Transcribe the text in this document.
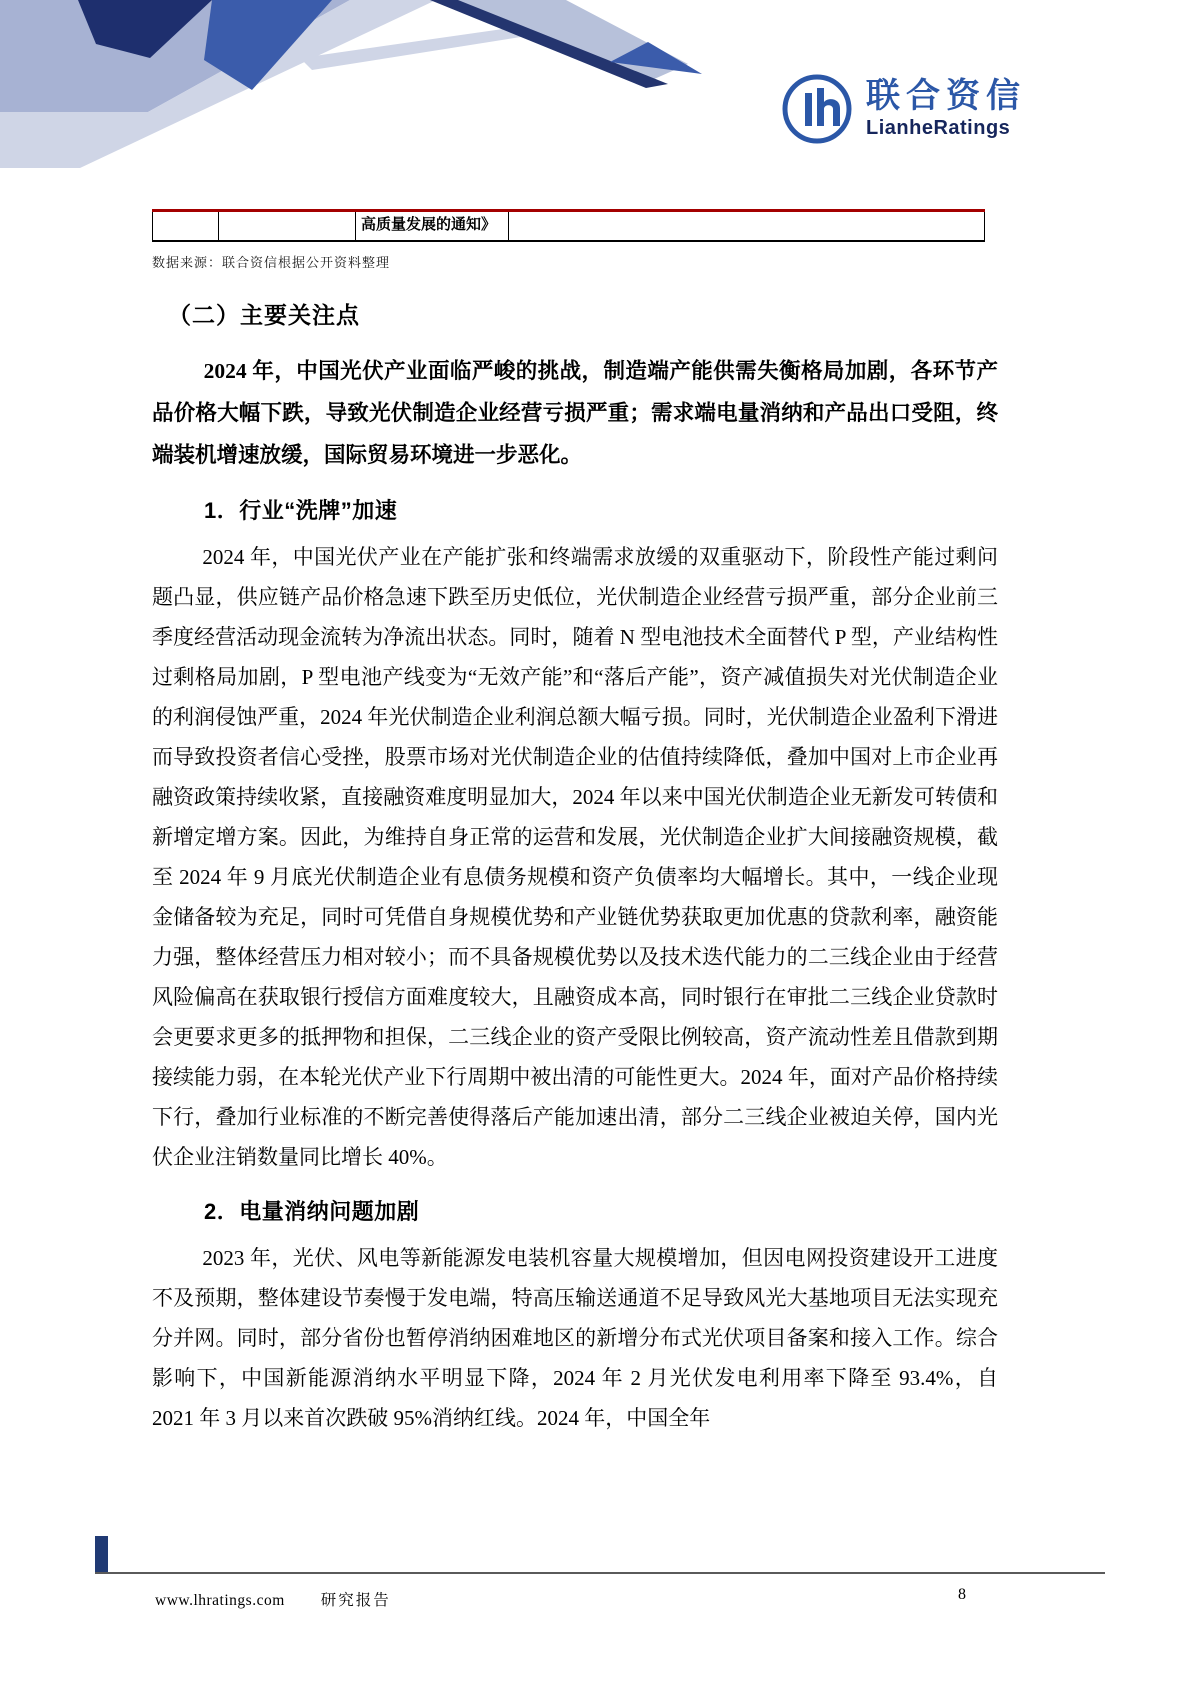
联合资信
LianheRatings
高质量发展的通知》
数据来源：联合资信根据公开资料整理
（二）主要关注点

2024 年，中国光伏产业面临严峻的挑战，制造端产能供需失衡格局加剧，各环节产品价格大幅下跌，导致光伏制造企业经营亏损严重；需求端电量消纳和产品出口受阻，终端装机增速放缓，国际贸易环境进一步恶化。

1．行业“洗牌”加速

2024 年，中国光伏产业在产能扩张和终端需求放缓的双重驱动下，阶段性产能过剩问题凸显，供应链产品价格急速下跌至历史低位，光伏制造企业经营亏损严重，部分企业前三季度经营活动现金流转为净流出状态。同时，随着 N 型电池技术全面替代 P 型，产业结构性过剩格局加剧，P 型电池产线变为“无效产能”和“落后产能”，资产减值损失对光伏制造企业的利润侵蚀严重，2024 年光伏制造企业利润总额大幅亏损。同时，光伏制造企业盈利下滑进而导致投资者信心受挫，股票市场对光伏制造企业的估值持续降低，叠加中国对上市企业再融资政策持续收紧，直接融资难度明显加大，2024 年以来中国光伏制造企业无新发可转债和新增定增方案。因此，为维持自身正常的运营和发展，光伏制造企业扩大间接融资规模，截至 2024 年 9 月底光伏制造企业有息债务规模和资产负债率均大幅增长。其中，一线企业现金储备较为充足，同时可凭借自身规模优势和产业链优势获取更加优惠的贷款利率，融资能力强，整体经营压力相对较小；而不具备规模优势以及技术迭代能力的二三线企业由于经营风险偏高在获取银行授信方面难度较大，且融资成本高，同时银行在审批二三线企业贷款时会更要求更多的抵押物和担保，二三线企业的资产受限比例较高，资产流动性差且借款到期接续能力弱，在本轮光伏产业下行周期中被出清的可能性更大。2024 年，面对产品价格持续下行，叠加行业标准的不断完善使得落后产能加速出清，部分二三线企业被迫关停，国内光伏企业注销数量同比增长 40%。

2．电量消纳问题加剧

2023 年，光伏、风电等新能源发电装机容量大规模增加，但因电网投资建设开工进度不及预期，整体建设节奏慢于发电端，特高压输送通道不足导致风光大基地项目无法实现充分并网。同时，部分省份也暂停消纳困难地区的新增分布式光伏项目备案和接入工作。综合影响下，中国新能源消纳水平明显下降，2024 年 2 月光伏发电利用率下降至 93.4%，自 2021 年 3 月以来首次跌破 95%消纳红线。2024 年，中国全年

www.lhratings.com 研究报告	8
